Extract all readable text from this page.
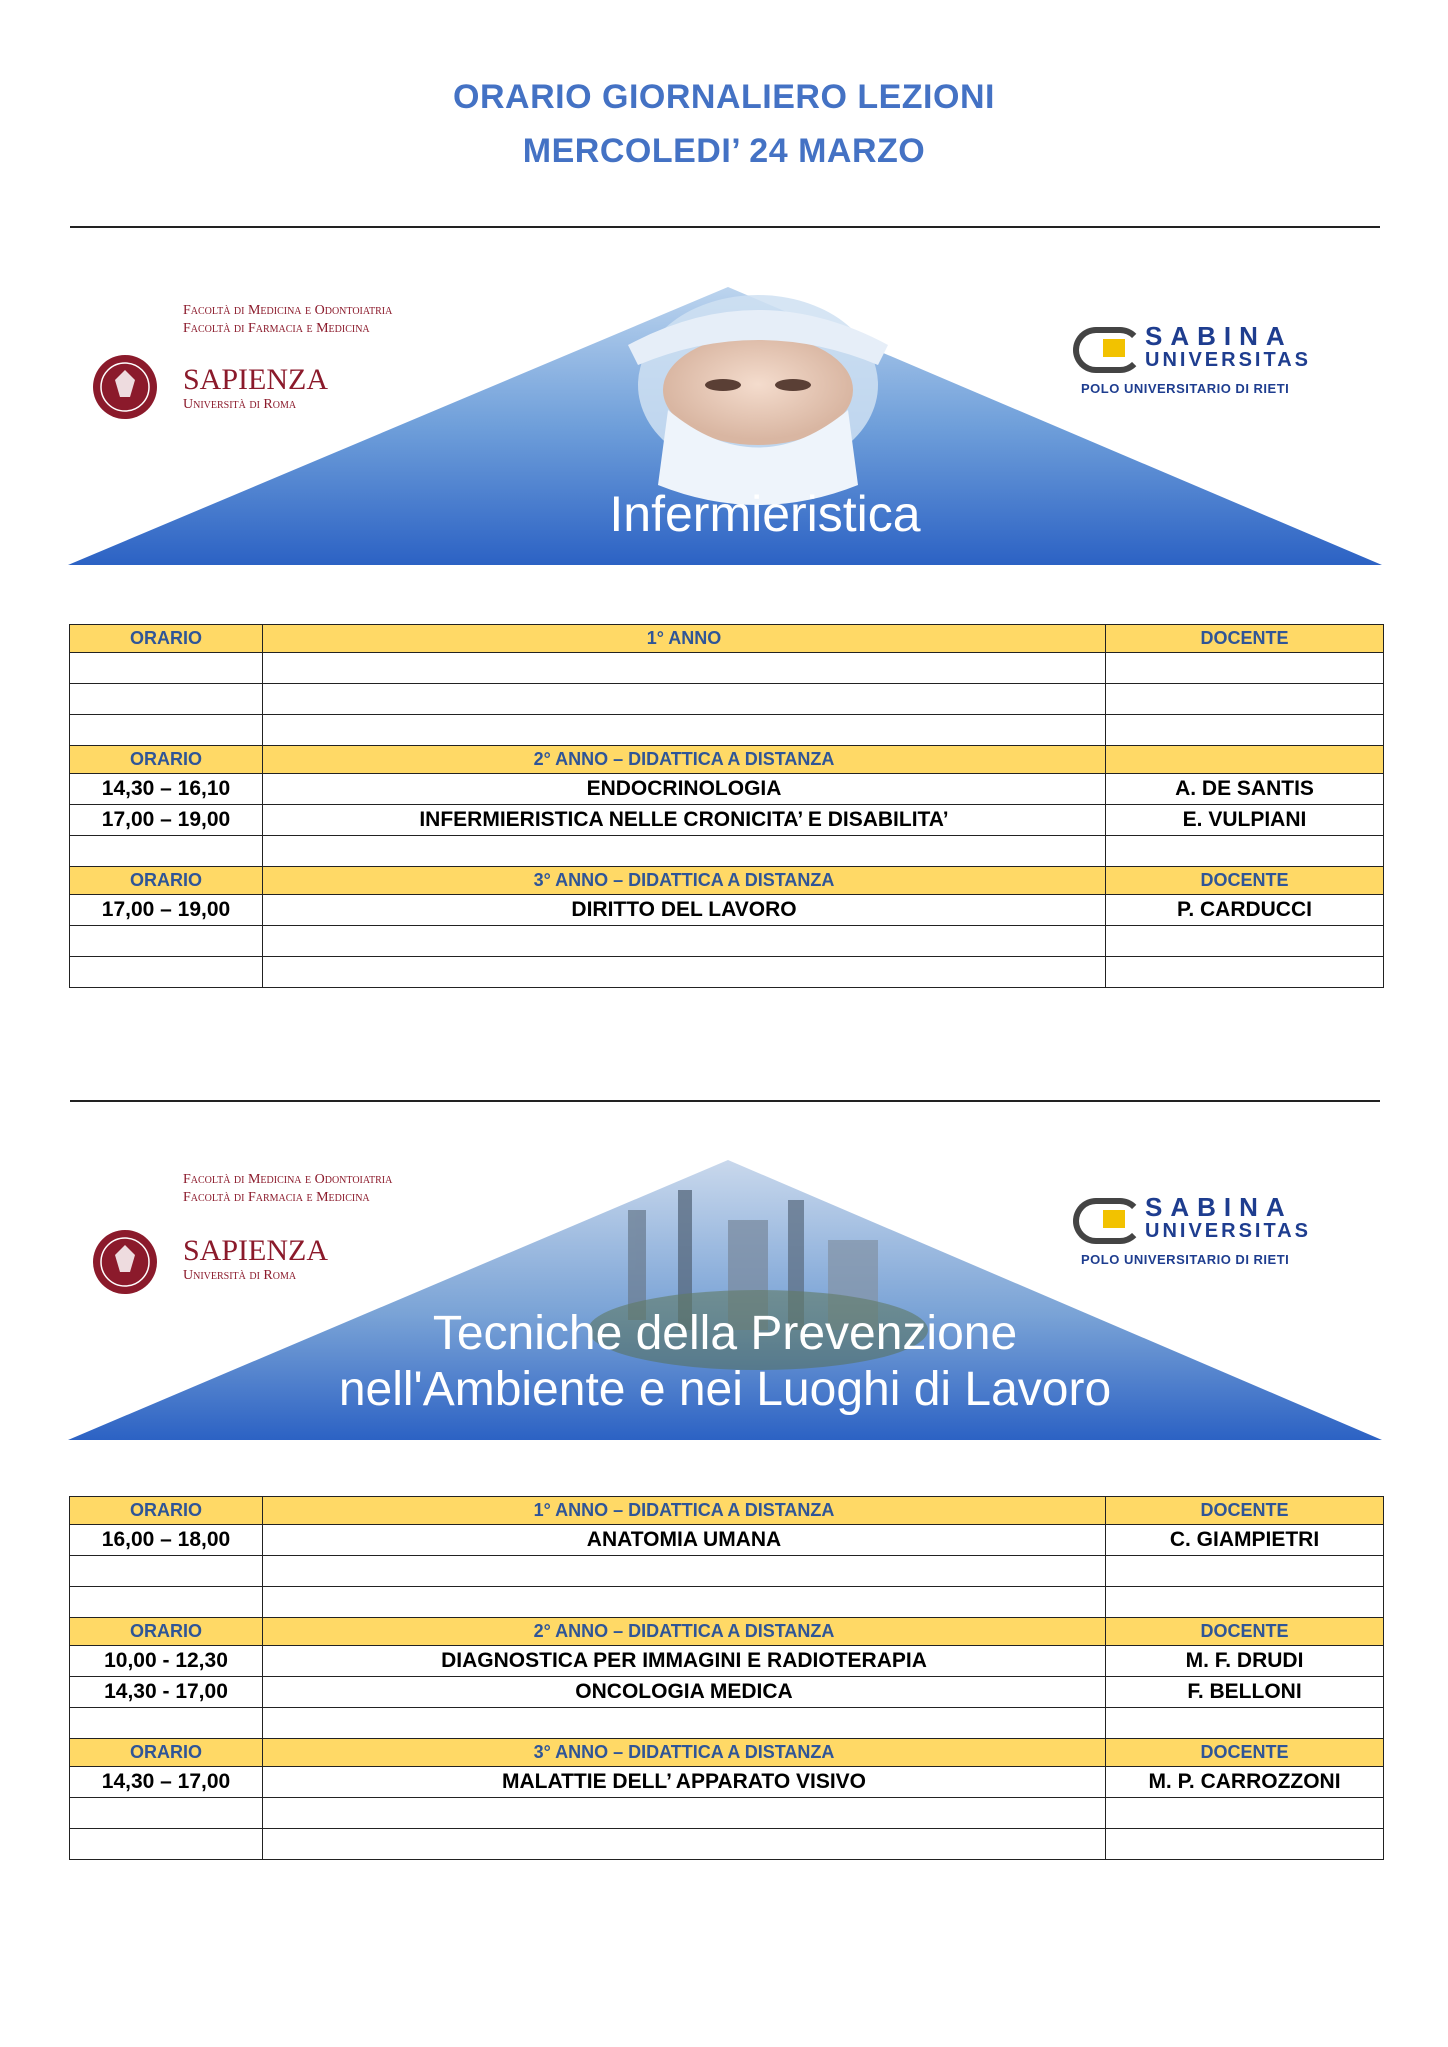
ORARIO GIORNALIERO LEZIONI
MERCOLEDI’ 24 MARZO
Facoltà di Medicina e Odontoiatria
Facoltà di Farmacia e Medicina
SAPIENZA
Università di Roma
SABINA
UNIVERSITAS
POLO UNIVERSITARIO DI RIETI
Infermieristica
ORARIO	1° ANNO	DOCENTE

ORARIO	2° ANNO – DIDATTICA A DISTANZA	
14,30 – 16,10	ENDOCRINOLOGIA	A. DE SANTIS
17,00 – 19,00	INFERMIERISTICA NELLE CRONICITA’ E DISABILITA’	E. VULPIANI

ORARIO	3° ANNO – DIDATTICA A DISTANZA	DOCENTE
17,00 – 19,00	DIRITTO DEL LAVORO	P. CARDUCCI

Facoltà di Medicina e Odontoiatria
Facoltà di Farmacia e Medicina
SAPIENZA
Università di Roma
SABINA
UNIVERSITAS
POLO UNIVERSITARIO DI RIETI
Tecniche della Prevenzione
nell'Ambiente e nei Luoghi di Lavoro
ORARIO	1° ANNO – DIDATTICA A DISTANZA	DOCENTE
16,00 – 18,00	ANATOMIA UMANA	C. GIAMPIETRI

ORARIO	2° ANNO – DIDATTICA A DISTANZA	DOCENTE
10,00 - 12,30	DIAGNOSTICA PER IMMAGINI E RADIOTERAPIA	M. F. DRUDI
14,30 - 17,00	ONCOLOGIA MEDICA	F. BELLONI

ORARIO	3° ANNO – DIDATTICA A DISTANZA	DOCENTE
14,30 – 17,00	MALATTIE DELL’ APPARATO VISIVO	M. P. CARROZZONI
